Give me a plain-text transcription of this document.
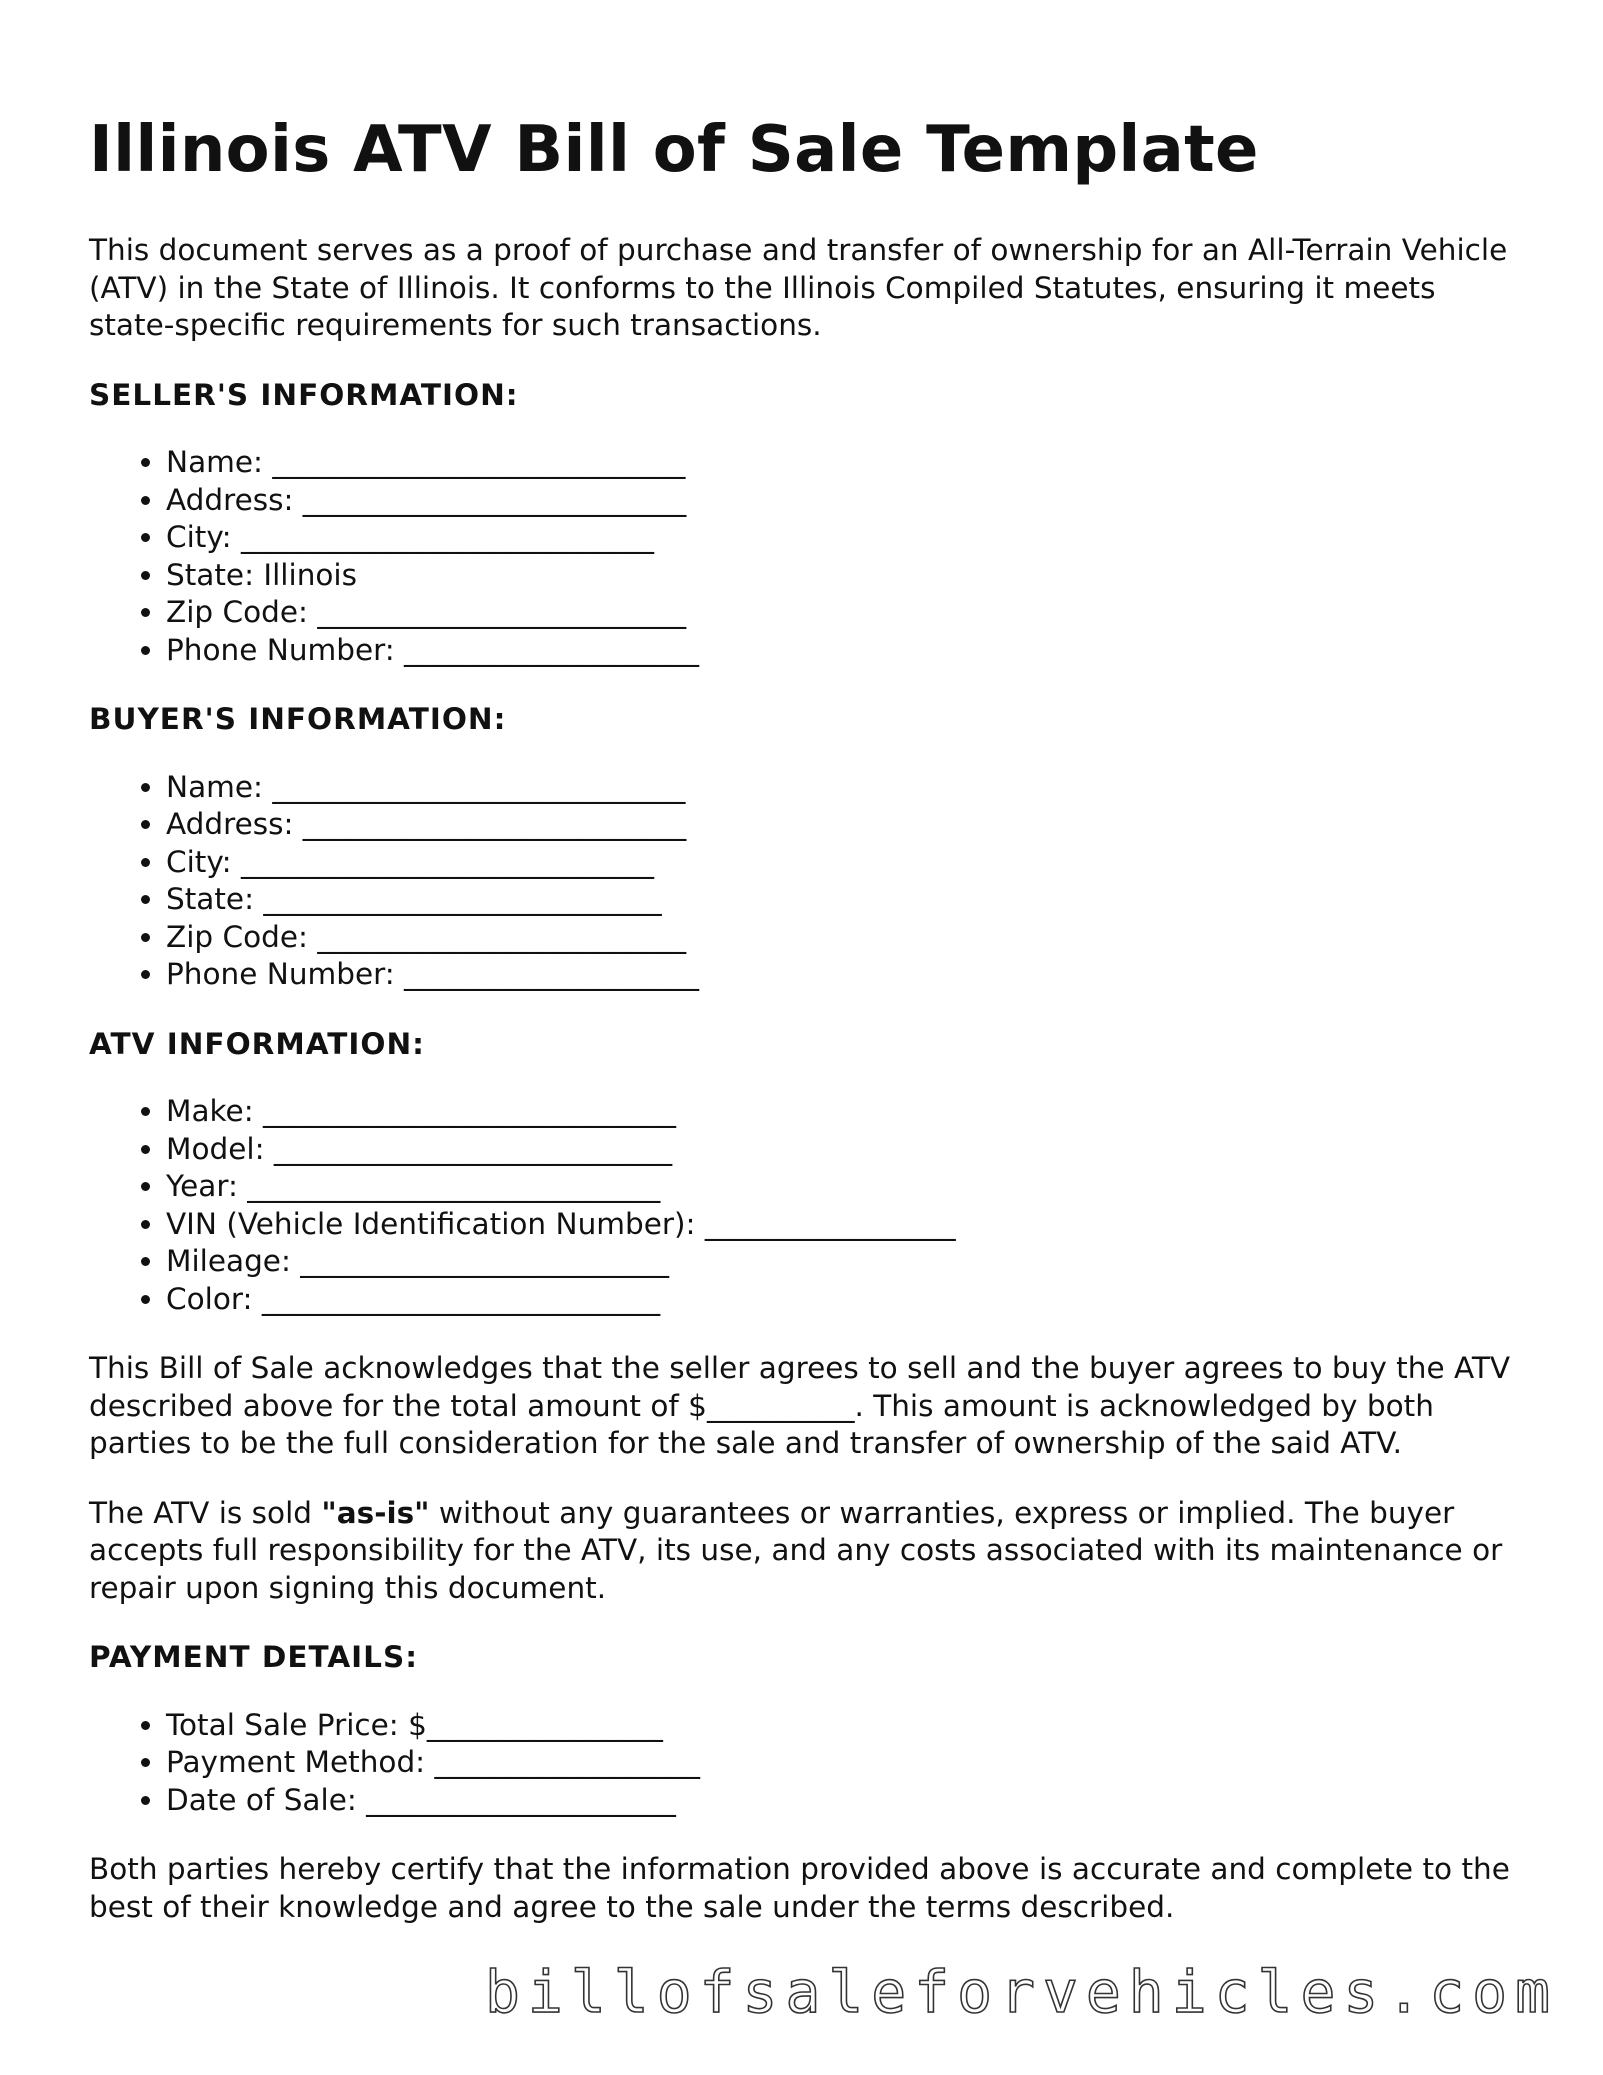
Illinois ATV Bill of Sale Template

This document serves as a proof of purchase and transfer of ownership for an All-Terrain Vehicle (ATV) in the State of Illinois. It conforms to the Illinois Compiled Statutes, ensuring it meets state-specific requirements for such transactions.

SELLER'S INFORMATION:
• Name: ____________________________
• Address: __________________________
• City: ____________________________
• State: Illinois
• Zip Code: _________________________
• Phone Number: ____________________
BUYER'S INFORMATION:
• Name: ____________________________
• Address: __________________________
• City: ____________________________
• State: ___________________________
• Zip Code: _________________________
• Phone Number: ____________________
ATV INFORMATION:
• Make: ____________________________
• Model: ___________________________
• Year: ____________________________
• VIN (Vehicle Identification Number): _________________
• Mileage: _________________________
• Color: ___________________________

This Bill of Sale acknowledges that the seller agrees to sell and the buyer agrees to buy the ATV described above for the total amount of $__________. This amount is acknowledged by both parties to be the full consideration for the sale and transfer of ownership of the said ATV.

The ATV is sold "as-is" without any guarantees or warranties, express or implied. The buyer accepts full responsibility for the ATV, its use, and any costs associated with its maintenance or repair upon signing this document.

PAYMENT DETAILS:
• Total Sale Price: $________________
• Payment Method: __________________
• Date of Sale: _____________________

Both parties hereby certify that the information provided above is accurate and complete to the best of their knowledge and agree to the sale under the terms described.

billofsaleforvehicles.com
